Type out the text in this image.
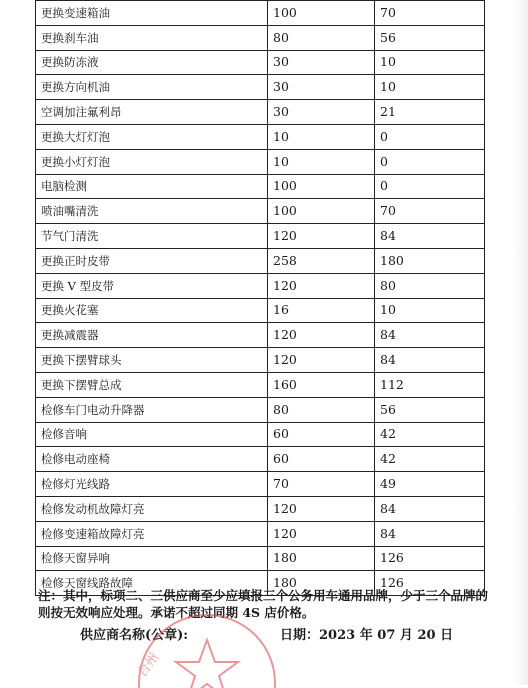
更换变速箱油	100	70
更换刹车油	80	56
更换防冻液	30	10
更换方向机油	30	10
空调加注氟利昂	30	21
更换大灯灯泡	10	0
更换小灯灯泡	10	0
电脑检测	100	0
喷油嘴清洗	100	70
节气门清洗	120	84
更换正时皮带	258	180
更换 V 型皮带	120	80
更换火花塞	16	10
更换减震器	120	84
更换下摆臂球头	120	84
更换下摆臂总成	160	112
检修车门电动升降器	80	56
检修音响	60	42
检修电动座椅	60	42
检修灯光线路	70	49
检修发动机故障灯亮	120	84
检修变速箱故障灯亮	120	84
检修天窗异响	180	126
检修天窗线路故障	180	126
注：其中，标项二、三供应商至少应填报三个公务用车通用品牌，少于三个品牌的则按无效响应处理。承诺不超过同期 4S 店价格。
供应商名称(公章):	日期：2023 年 07 月 20 日
台州
